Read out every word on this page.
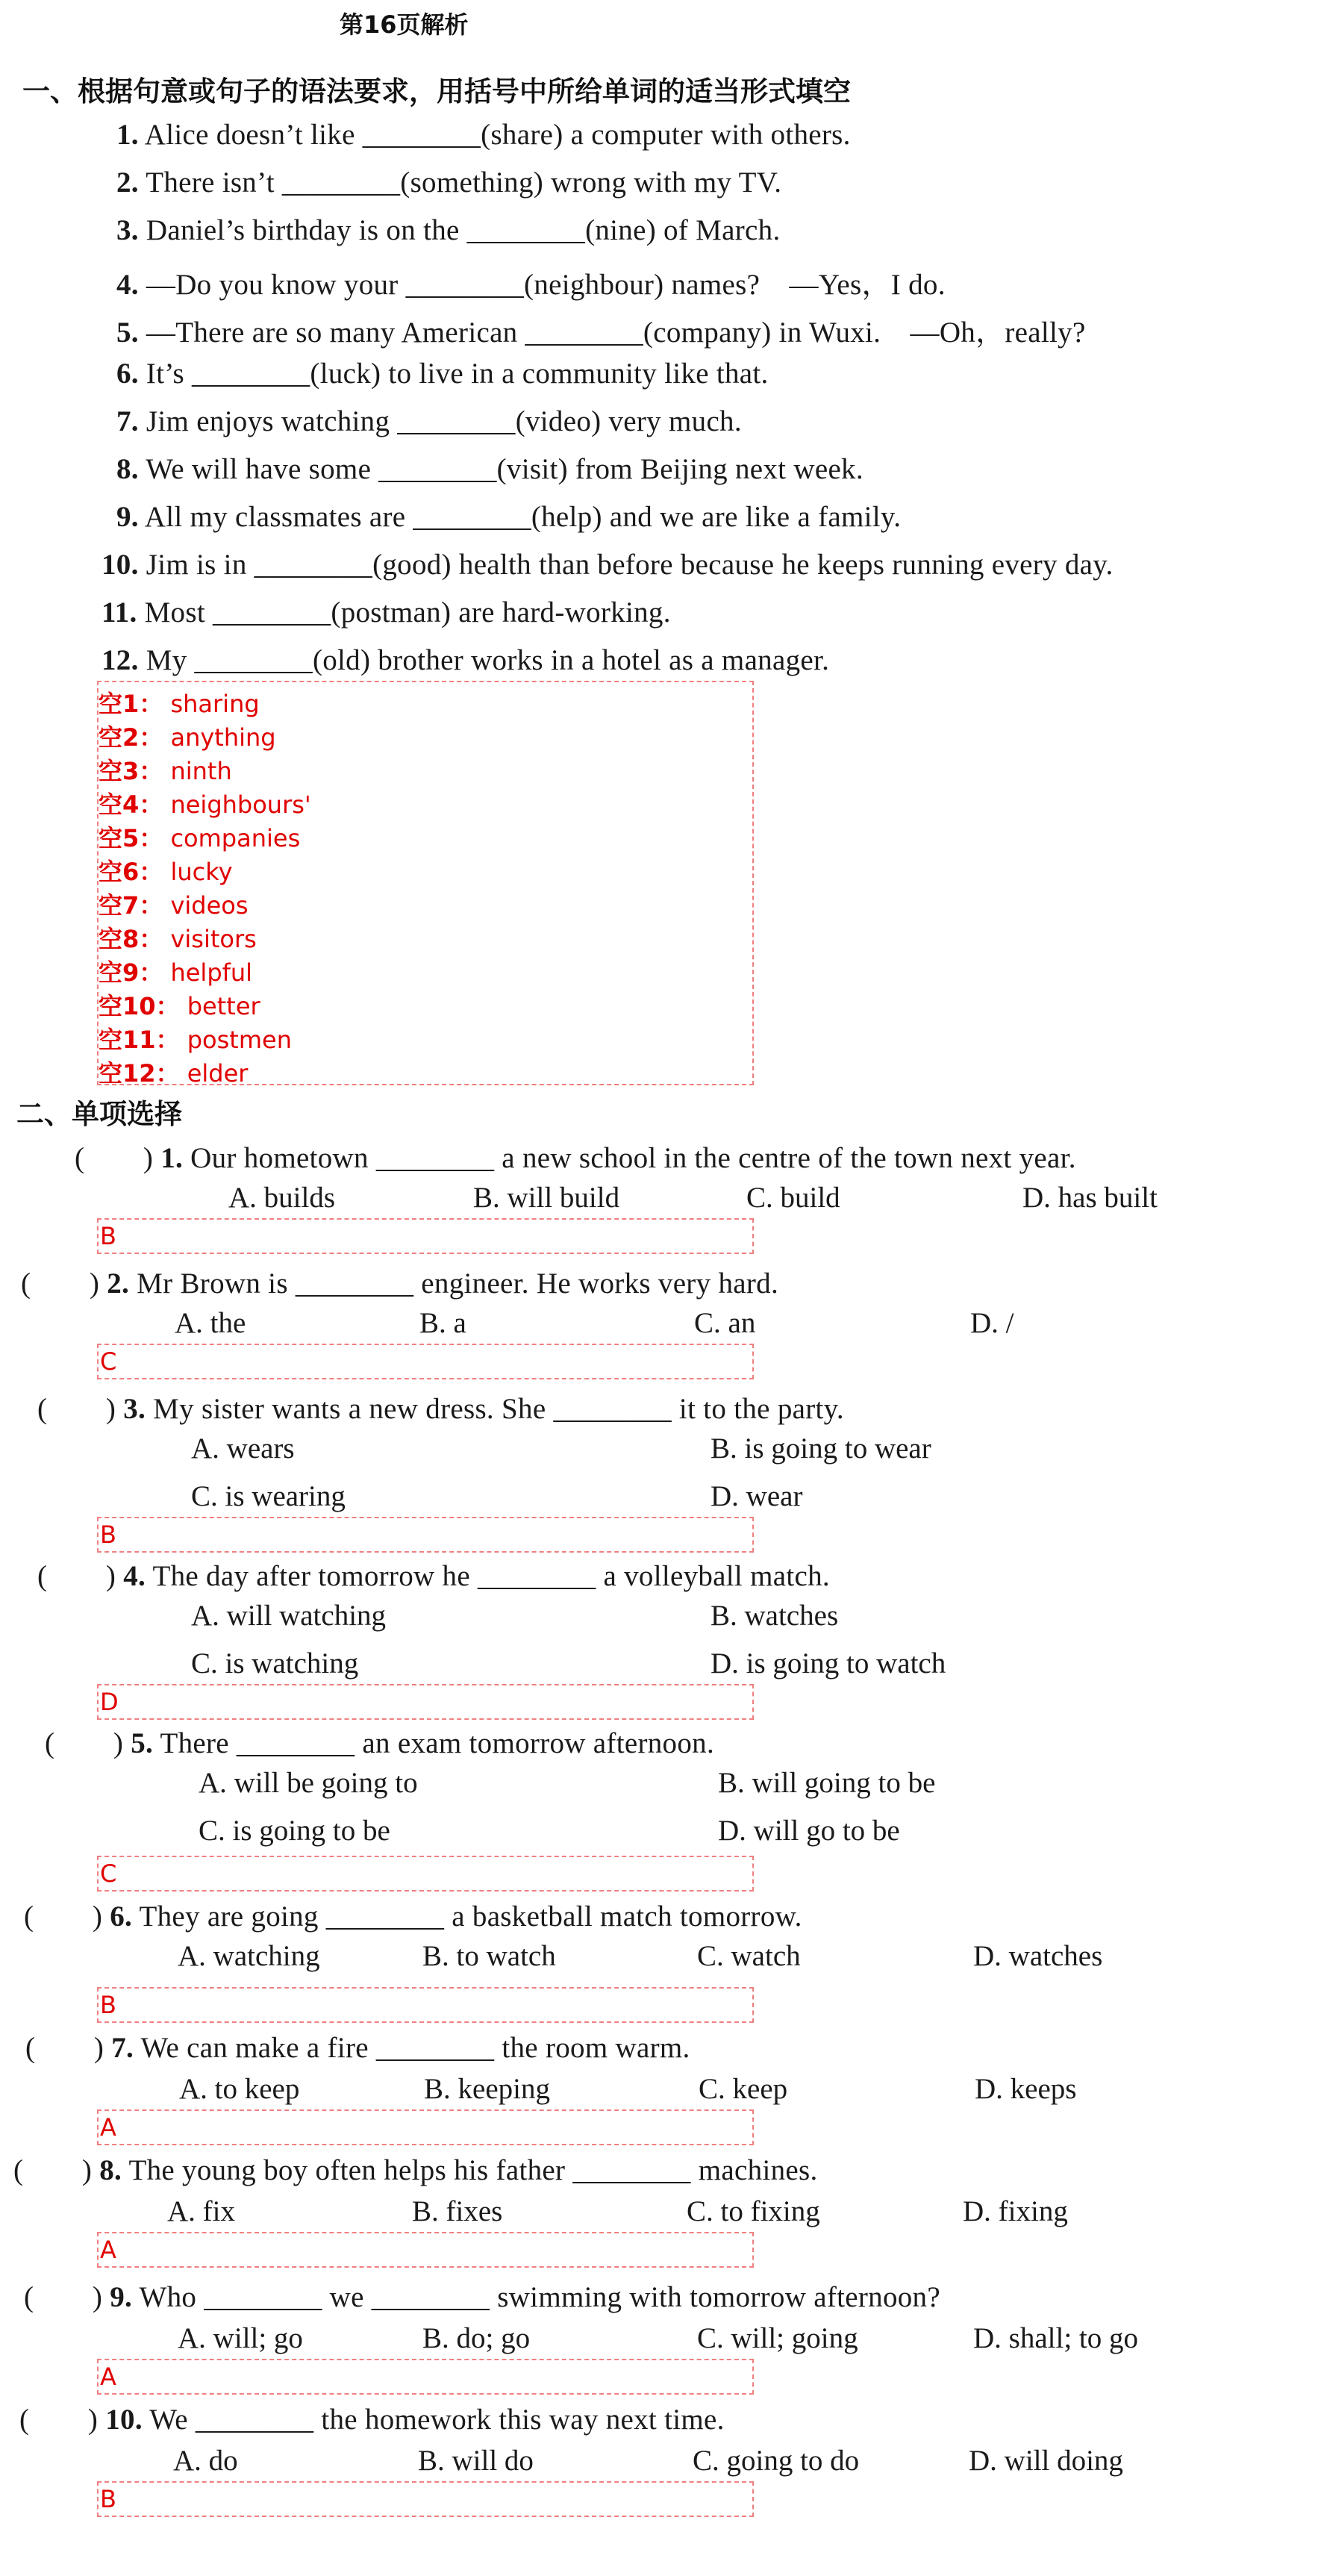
第16页解析
一、根据句意或句子的语法要求，用括号中所给单词的适当形式填空
1. Alice doesn’t like ________(share) a computer with others.
2. There isn’t ________(something) wrong with my TV.
3. Daniel’s birthday is on the ________(nine) of March.
4. —Do you know your ________(neighbour) names?　—Yes，I do.
5. —There are so many American ________(company) in Wuxi.　—Oh，really?
6. It’s ________(luck) to live in a community like that.
7. Jim enjoys watching ________(video) very much.
8. We will have some ________(visit) from Beijing next week.
9. All my classmates are ________(help) and we are like a family.
10. Jim is in ________(good) health than before because he keeps running every day.
11. Most ________(postman) are hard-working.
12. My ________(old) brother works in a hotel as a manager.
空1： sharing
空2： anything
空3： ninth
空4： neighbours'
空5： companies
空6： lucky
空7： videos
空8： visitors
空9： helpful
空10： better
空11： postmen
空12： elder
二、单项选择
(　　) 1. Our hometown ________ a new school in the centre of the town next year.
A. builds	B. will build	C. build	D. has built
B
(　　) 2. Mr Brown is ________ engineer. He works very hard.
A. the	B. a	C. an	D. /
C
(　　) 3. My sister wants a new dress. She ________ it to the party.
A. wears	B. is going to wear
C. is wearing	D. wear
B
(　　) 4. The day after tomorrow he ________ a volleyball match.
A. will watching	B. watches
C. is watching	D. is going to watch
D
(　　) 5. There ________ an exam tomorrow afternoon.
A. will be going to	B. will going to be
C. is going to be	D. will go to be
C
(　　) 6. They are going ________ a basketball match tomorrow.
A. watching	B. to watch	C. watch	D. watches
B
(　　) 7. We can make a fire ________ the room warm.
A. to keep	B. keeping	C. keep	D. keeps
A
(　　) 8. The young boy often helps his father ________ machines.
A. fix	B. fixes	C. to fixing	D. fixing
A
(　　) 9. Who ________ we ________ swimming with tomorrow afternoon?
A. will; go	B. do; go	C. will; going	D. shall; to go
A
(　　) 10. We ________ the homework this way next time.
A. do	B. will do	C. going to do	D. will doing
B
